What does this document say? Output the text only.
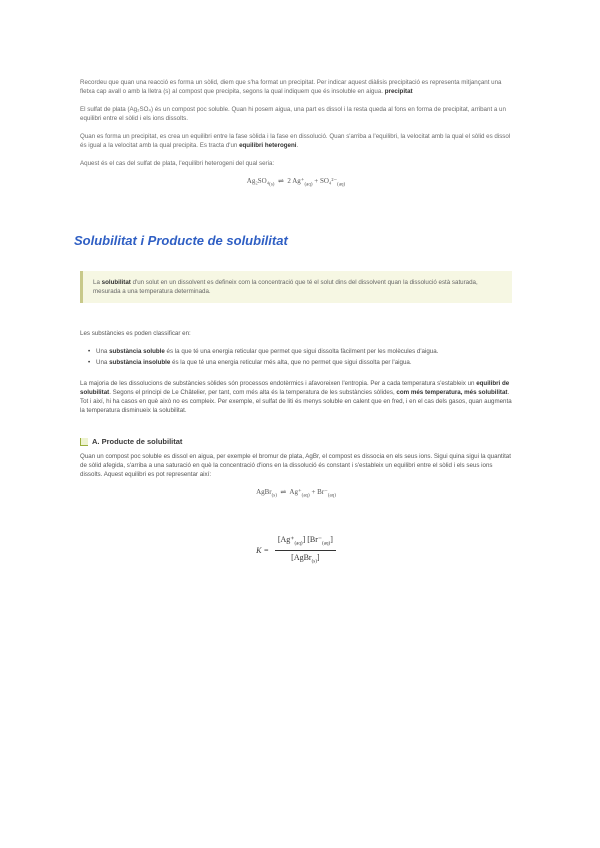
Recordeu que quan una reacció es forma un sòlid, diem que s'ha format un precipitat. Per indicar aquest diàlisis precipitació es representa mitjançant una fletxa cap avall o amb la lletra (s) al compost que precipita, segons la qual indiquem que és insoluble en aigua. precipitat

El sulfat de plata (Ag₂SO₄) és un compost poc soluble. Quan hi posem aigua, una part es dissol i la resta queda al fons en forma de precipitat, arribant a un equilibri entre el sòlid i els ions dissolts.

Quan es forma un precipitat, es crea un equilibri entre la fase sòlida i la fase en dissolució. Quan s'arriba a l'equilibri, la velocitat amb la qual el sòlid es dissol és igual a la velocitat amb la qual precipita. Es tracta d'un equilibri heterogeni.

Aquest és el cas del sulfat de plata, l'equilibri heterogeni del qual seria:

$Ag_2SO_4_{(s)}$ ⇌ 2 $Ag^+_{(aq)} + SO_4^{2-}_{(aq)}$
Solubilitat i Producte de solubilitat

La solubilitat d'un solut en un dissolvent es defineix com la concentració que té el solut dins del dissolvent quan la dissolució està saturada, mesurada a una temperatura determinada.

Les substàncies es poden classificar en:

• Una substància soluble és la que té una energia reticular que permet que sigui dissolta fàcilment per les molècules d'aigua.
• Una substància insoluble és la que té una energia reticular més alta, que no permet que sigui dissolta per l'aigua.

La majoria de les dissolucions de substàncies sòlides són processos endotèrmics i afavoreixen l'entropia. Per a cada temperatura s'estableix un equilibri de solubilitat. Segons el principi de Le Châtelier, per tant, com més alta és la temperatura de les substàncies sòlides, com més temperatura, més solubilitat. Tot i així, hi ha casos en què això no es compleix. Per exemple, el sulfat de liti és menys soluble en calent que en fred, i en el cas dels gasos, quan augmenta la temperatura disminueix la solubilitat.

A. Producte de solubilitat

Quan un compost poc soluble es dissol en aigua, per exemple el bromur de plata, AgBr, el compost es dissocia en els seus ions. Sigui quina sigui la quantitat de sòlid afegida, s'arriba a una saturació en què la concentració d'ions en la dissolució és constant i s'estableix un equilibri entre el sòlid i els seus ions dissolts. Aquest equilibri es pot representar així:

AgBr$_{(s)}$ ⇌ $Ag^+_{(aq)} + Br^-_{(aq)}$
$K = \frac{[Ag^+_{(aq)}] [Br^-_{(aq)}]}{[AgBr_{(s)}]}$
